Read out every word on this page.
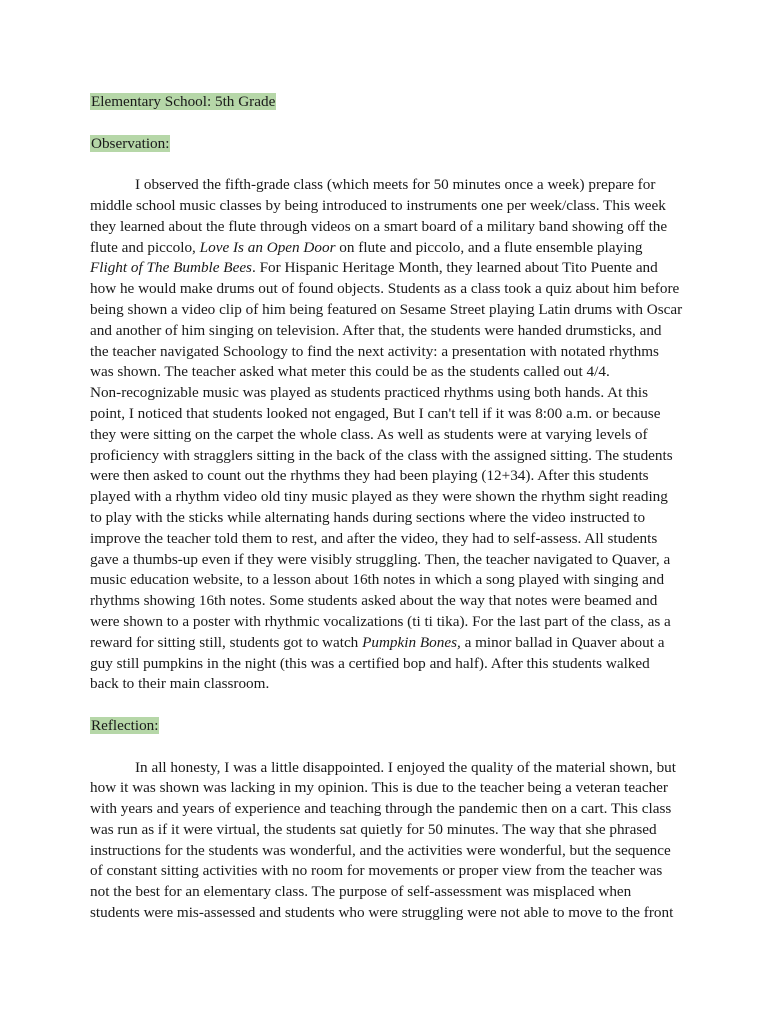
Elementary School: 5th Grade

Observation:

I observed the fifth-grade class (which meets for 50 minutes once a week) prepare for
middle school music classes by being introduced to instruments one per week/class. This week
they learned about the flute through videos on a smart board of a military band showing off the
flute and piccolo, Love Is an Open Door on flute and piccolo, and a flute ensemble playing
Flight of The Bumble Bees. For Hispanic Heritage Month, they learned about Tito Puente and
how he would make drums out of found objects. Students as a class took a quiz about him before
being shown a video clip of him being featured on Sesame Street playing Latin drums with Oscar
and another of him singing on television. After that, the students were handed drumsticks, and
the teacher navigated Schoology to find the next activity: a presentation with notated rhythms
was shown. The teacher asked what meter this could be as the students called out 4/4.
Non-recognizable music was played as students practiced rhythms using both hands. At this
point, I noticed that students looked not engaged, But I can't tell if it was 8:00 a.m. or because
they were sitting on the carpet the whole class. As well as students were at varying levels of
proficiency with stragglers sitting in the back of the class with the assigned sitting. The students
were then asked to count out the rhythms they had been playing (12+34). After this students
played with a rhythm video old tiny music played as they were shown the rhythm sight reading
to play with the sticks while alternating hands during sections where the video instructed to
improve the teacher told them to rest, and after the video, they had to self-assess. All students
gave a thumbs-up even if they were visibly struggling. Then, the teacher navigated to Quaver, a
music education website, to a lesson about 16th notes in which a song played with singing and
rhythms showing 16th notes. Some students asked about the way that notes were beamed and
were shown to a poster with rhythmic vocalizations (ti ti tika). For the last part of the class, as a
reward for sitting still, students got to watch Pumpkin Bones, a minor ballad in Quaver about a
guy still pumpkins in the night (this was a certified bop and half). After this students walked
back to their main classroom.

Reflection:

In all honesty, I was a little disappointed. I enjoyed the quality of the material shown, but
how it was shown was lacking in my opinion. This is due to the teacher being a veteran teacher
with years and years of experience and teaching through the pandemic then on a cart. This class
was run as if it were virtual, the students sat quietly for 50 minutes. The way that she phrased
instructions for the students was wonderful, and the activities were wonderful, but the sequence
of constant sitting activities with no room for movements or proper view from the teacher was
not the best for an elementary class. The purpose of self-assessment was misplaced when
students were mis-assessed and students who were struggling were not able to move to the front
